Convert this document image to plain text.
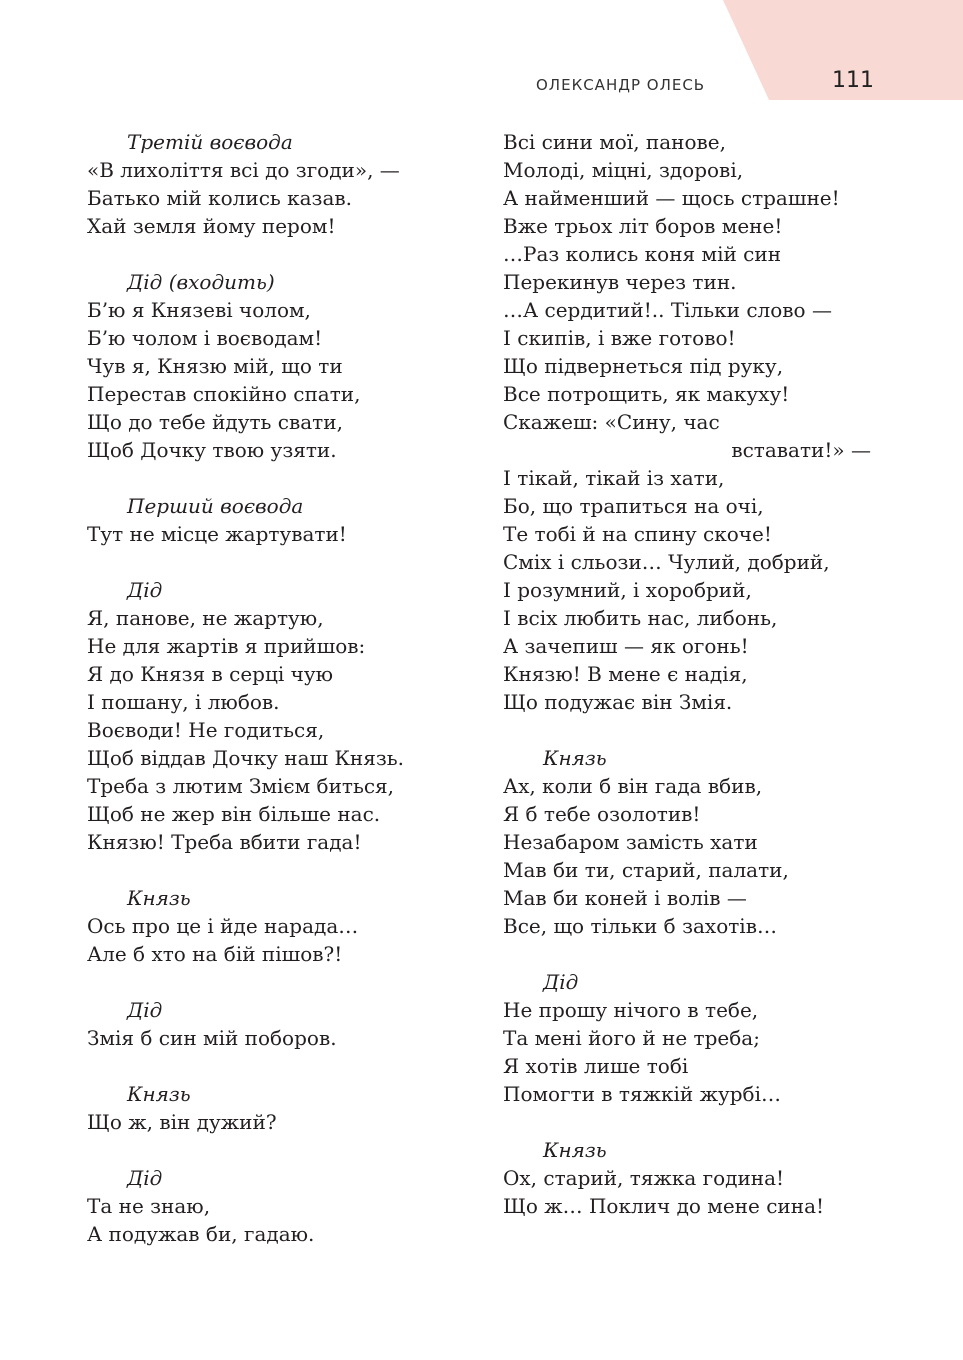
ОЛЕКСАНДР ОЛЕСЬ	111
Третій воєвода
«В лихоліття всі до згоди», —
Батько мій колись казав.
Хай земля йому пером!
Дід (входить)
Б’ю я Князеві чолом,
Б’ю чолом і воєводам!
Чув я, Князю мій, що ти
Перестав спокійно спати,
Що до тебе йдуть свати,
Щоб Дочку твою узяти.
Перший воєвода
Тут не місце жартувати!
Дід
Я, панове, не жартую,
Не для жартів я прийшов:
Я до Князя в серці чую
І пошану, і любов.
Воєводи! Не годиться,
Щоб віддав Дочку наш Князь.
Треба з лютим Змієм биться,
Щоб не жер він більше нас.
Князю! Треба вбити гада!
Князь
Ось про це і йде нарада…
Але б хто на бій пішов?!
Дід
Змія б син мій поборов.
Князь
Що ж, він дужий?
Дід
Та не знаю,
А подужав би, гадаю.
Всі сини мої, панове,
Молоді, міцні, здорові,
А найменший — щось страшне!
Вже трьох літ боров мене!
…Раз колись коня мій син
Перекинув через тин.
…А сердитий!.. Тільки слово —
І скипів, і вже готово!
Що підвернеться під руку,
Все потрощить, як макуху!
Скажеш: «Сину, час
вставати!» —
І тікай, тікай із хати,
Бо, що трапиться на очі,
Те тобі й на спину скоче!
Сміх і сльози… Чулий, добрий,
І розумний, і хоробрий,
І всіх любить нас, либонь,
А зачепиш — як огонь!
Князю! В мене є надія,
Що подужає він Змія.
Князь
Ах, коли б він гада вбив,
Я б тебе озолотив!
Незабаром замість хати
Мав би ти, старий, палати,
Мав би коней і волів —
Все, що тільки б захотів…
Дід
Не прошу нічого в тебе,
Та мені його й не треба;
Я хотів лише тобі
Помогти в тяжкій журбі…
Князь
Ох, старий, тяжка година!
Що ж… Поклич до мене сина!
